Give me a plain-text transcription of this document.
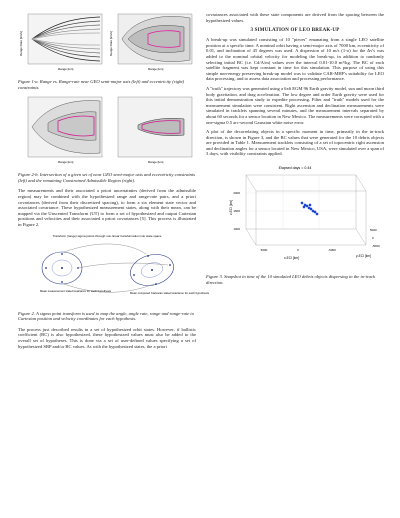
Range Rate [km/s]
Range [km]
Range Rate [km/s]
Range [km]
Figure 1-a. Range vs. Range-rate near GEO semi-major axis (left) and eccentricity (right) constraints.
Range [km]	Range [km]
Figure 2-b. Intersection of a given set of near GEO semi-major axis and eccentricity constraints (left) and the remaining Constrained Admissible Region (right).

The measurements and their associated a priori uncertainties (derived from the admissible region) may be combined with the hypothesized range and range-rate pairs, and a priori covariances (derived from their discretized spacing), to form a six element state vector and associated covariance. These hypothesized measurement states, along with their mean, can be mapped via the Unscented Transform (UT) to form a set of hypothesized and output Cartesian positions and velocities and their associated a priori covariances [5]. This process is illustrated in Figure 2.

Transform (range) sigma points through non-linear transformation into state space
Mean measurement state/covariance for each hypothesis	Mean computed Cartesian state/covariance for each hypothesis
Figure 2. A sigma point transform is used to map the angle, angle rate, range and range-rate to Cartesian position and velocity coordinates for each hypothesis.

The process just described results in a set of hypothesized orbit states. However, if ballistic coefficient (BC) is also hypothesized, these hypothesized values must also be added to the overall set of hypotheses. This is done via a set of user-defined values specifying a set of hypothesized SRP and/or BC values. As with the hypothesized states, the a priori

covariances associated with these state components are derived from the spacing between the hypothesized values.

3 SIMULATION OF LEO BREAK-UP

A break-up was simulated consisting of 10 "pieces" emanating from a single LEO satellite position at a specific time. A nominal orbit having a semi-major axis of 7000 km, eccentricity of 0.01, and inclination of 45 degrees was used. A dispersion of 10 m/s (1-σ) for the Δv's was added to the nominal orbital velocity for modeling the break-up, in addition to randomly selecting initial BC (i.e. Cd/A/m) values over the interval 0.01-10.0 m²/kg. The BC of each satellite fragment was kept constant in time for this simulation. This purpose of using this simple non-energy preserving break-up model was to validate CAR-MHF's suitability for LEO data processing, and to assess data association and processing performance.

A "truth" trajectory was generated using a 6x6 EGM 96 Earth gravity model, sun and moon third body gravitation, and drag acceleration. The low degree and order Earth gravity were used for this initial demonstration study to expedite processing. Filter and "truth" models used for the measurement simulation were consistent. Right ascension and declination measurements were simulated in tracklets spanning several minutes, and the measurement intervals separated by about 60 seconds for a sensor location in New Mexico. The measurements were corrupted with a one-sigma 0.5 arc-second Gaussian white noise error.

A plot of the decorrelating objects in a specific moment in time, primarily in the in-track direction, is shown in Figure 3, and the BC values that were generated for the 10 debris objects are provided in Table 1. Measurement tracklets consisting of a set of topocentric right ascension and declination angles for a sensor located in New Mexico, USA, were simulated over a span of 3 days, with visibility constraints applied.

Elapsed days = 0.44
2000
1500
1000
5000	0	-5000
5000
0
-5000
z-ECI [km]
x-ECI [km]	y-ECI [km]
Figure 3. Snapshot in time of the 10 simulated LEO debris objects dispersing in the in-track direction.
